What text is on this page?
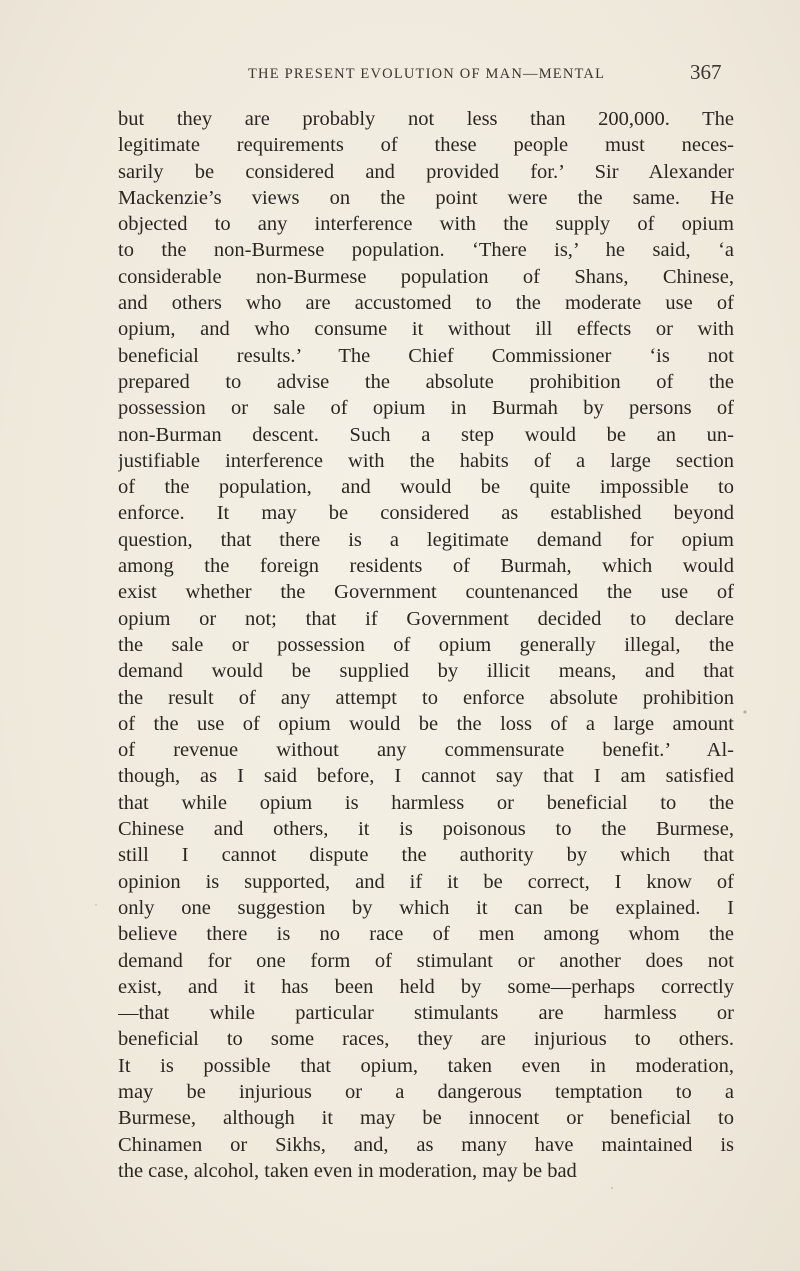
THE PRESENT EVOLUTION OF MAN—MENTAL	367
but they are probably not less than 200,000. The
legitimate requirements of these people must neces-
sarily be considered and provided for.’ Sir Alexander
Mackenzie’s views on the point were the same. He
objected to any interference with the supply of opium
to the non-Burmese population. ‘There is,’ he said, ‘a
considerable non-Burmese population of Shans, Chinese,
and others who are accustomed to the moderate use of
opium, and who consume it without ill effects or with
beneficial results.’ The Chief Commissioner ‘is not
prepared to advise the absolute prohibition of the
possession or sale of opium in Burmah by persons of
non-Burman descent. Such a step would be an un-
justifiable interference with the habits of a large section
of the population, and would be quite impossible to
enforce. It may be considered as established beyond
question, that there is a legitimate demand for opium
among the foreign residents of Burmah, which would
exist whether the Government countenanced the use of
opium or not; that if Government decided to declare
the sale or possession of opium generally illegal, the
demand would be supplied by illicit means, and that
the result of any attempt to enforce absolute prohibition
of the use of opium would be the loss of a large amount
of revenue without any commensurate benefit.’ Al-
though, as I said before, I cannot say that I am satisfied
that while opium is harmless or beneficial to the
Chinese and others, it is poisonous to the Burmese,
still I cannot dispute the authority by which that
opinion is supported, and if it be correct, I know of
only one suggestion by which it can be explained. I
believe there is no race of men among whom the
demand for one form of stimulant or another does not
exist, and it has been held by some—perhaps correctly
—that while particular stimulants are harmless or
beneficial to some races, they are injurious to others.
It is possible that opium, taken even in moderation,
may be injurious or a dangerous temptation to a
Burmese, although it may be innocent or beneficial to
Chinamen or Sikhs, and, as many have maintained is
the case, alcohol, taken even in moderation, may be bad
